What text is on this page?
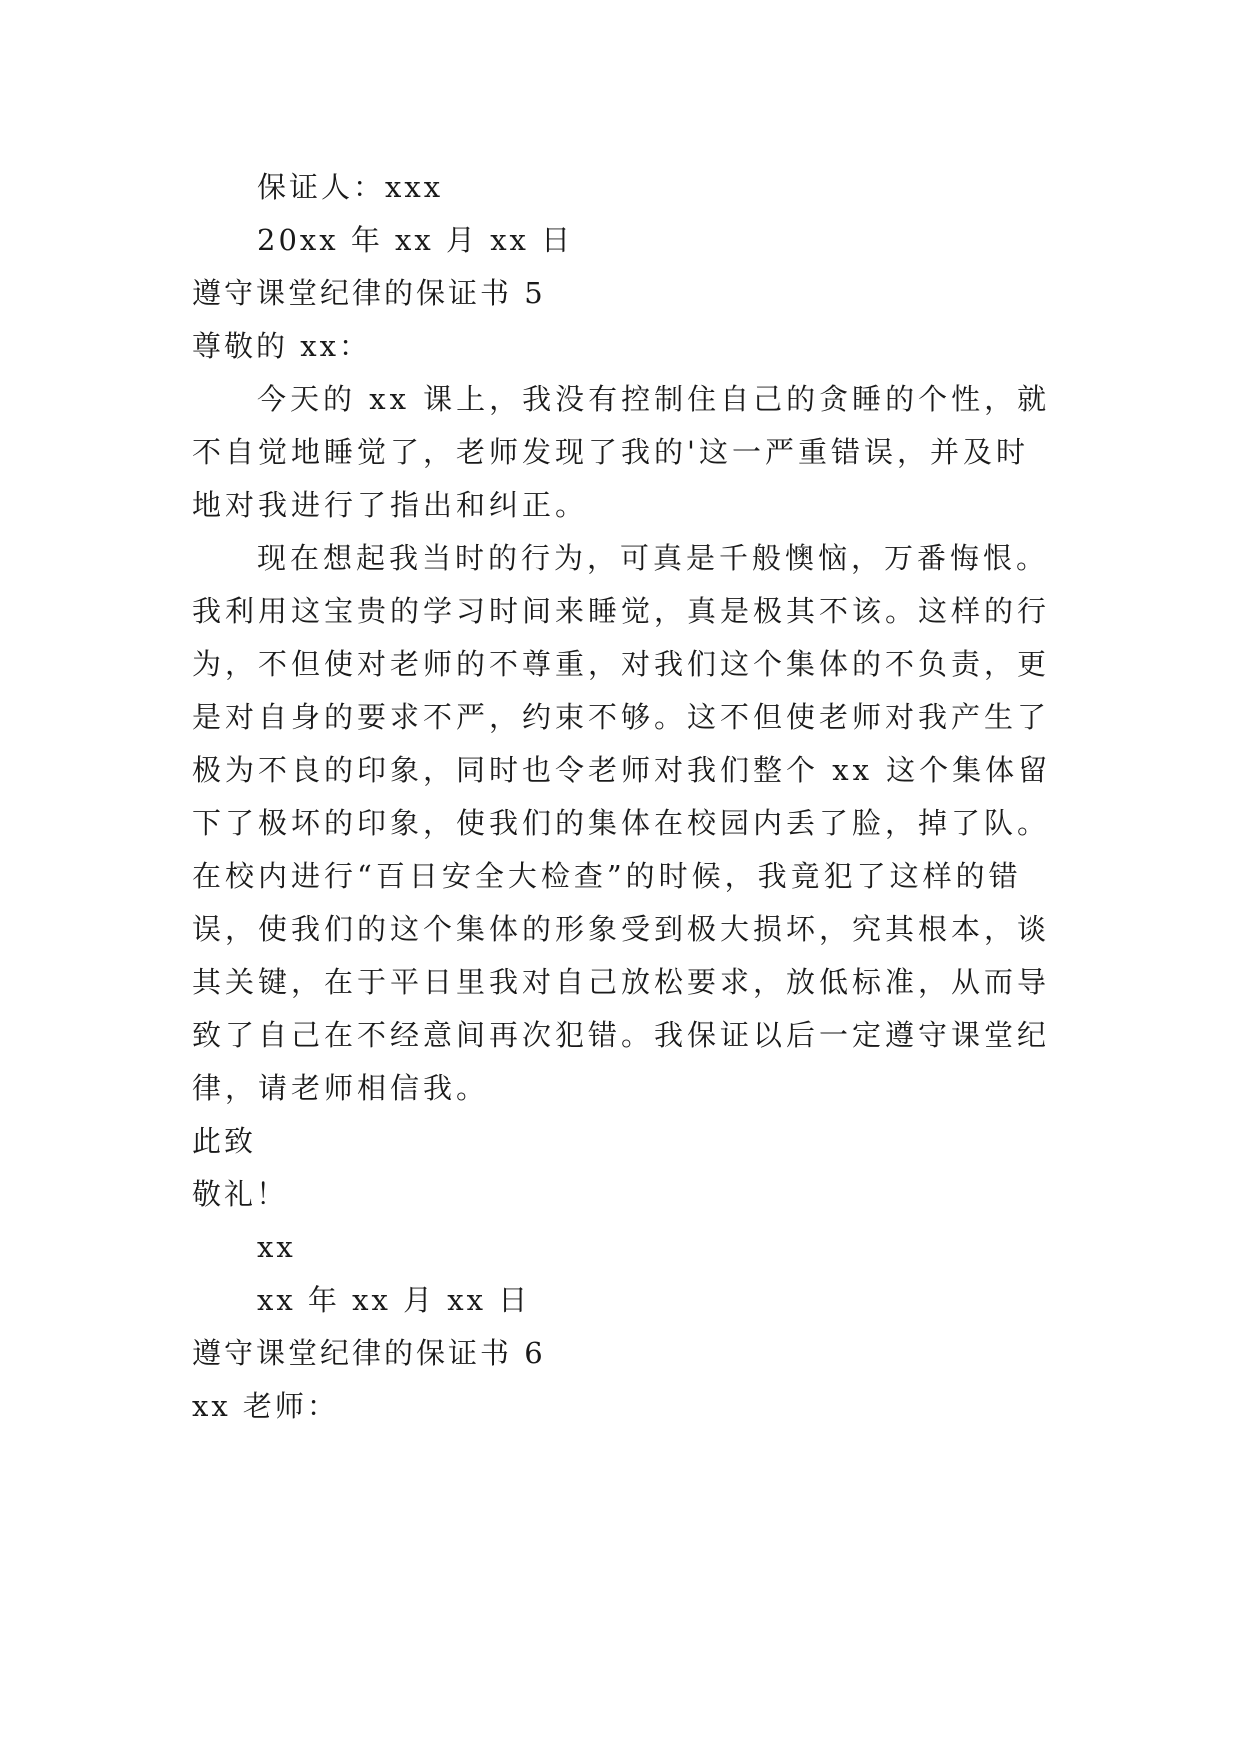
保证人：xxx
20xx 年 xx 月 xx 日
遵守课堂纪律的保证书 5
尊敬的 xx：
今天的 xx 课上，我没有控制住自己的贪睡的个性，就
不自觉地睡觉了，老师发现了我的'这一严重错误，并及时
地对我进行了指出和纠正。
现在想起我当时的行为，可真是千般懊恼，万番悔恨。
我利用这宝贵的学习时间来睡觉，真是极其不该。这样的行
为，不但使对老师的不尊重，对我们这个集体的不负责，更
是对自身的要求不严，约束不够。这不但使老师对我产生了
极为不良的印象，同时也令老师对我们整个 xx 这个集体留
下了极坏的印象，使我们的集体在校园内丢了脸，掉了队。
在校内进行“百日安全大检查”的时候，我竟犯了这样的错
误，使我们的这个集体的形象受到极大损坏，究其根本，谈
其关键，在于平日里我对自己放松要求，放低标准，从而导
致了自己在不经意间再次犯错。我保证以后一定遵守课堂纪
律，请老师相信我。
此致
敬礼！
xx
xx 年 xx 月 xx 日
遵守课堂纪律的保证书 6
xx 老师：
